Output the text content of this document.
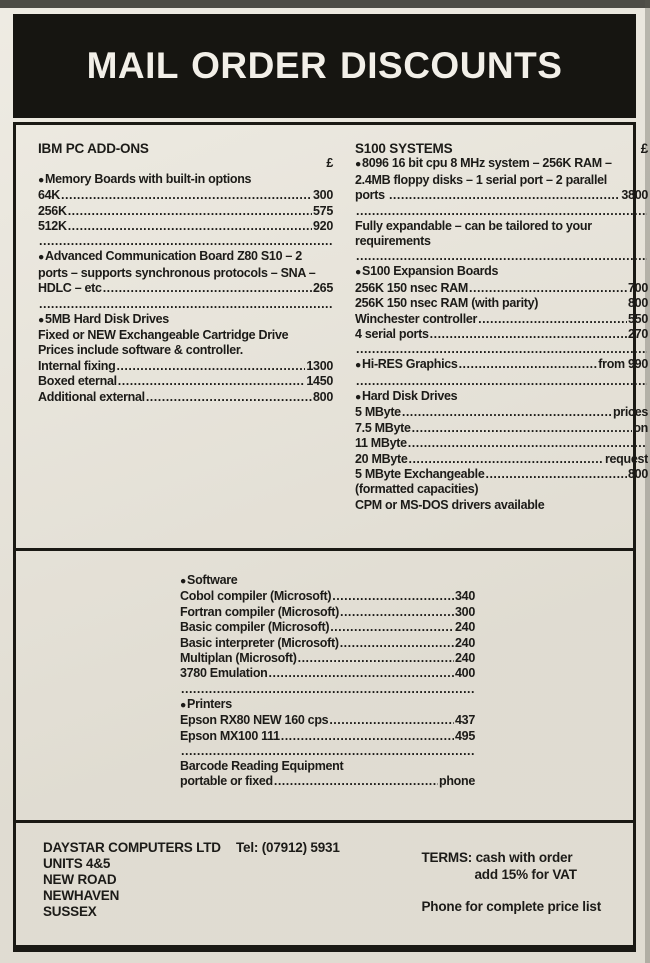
MAIL ORDER DISCOUNTS
IBM PC ADD-ONS
£
● Memory Boards with built-in options
64K .....	300
256K .....	575
512K .....	920
.....
● Advanced Communication Board Z80 S10 – 2
ports – supports synchronous protocols – SNA –
HDLC – etc .....	265
.....
● 5MB Hard Disk Drives
Fixed or NEW Exchangeable Cartridge Drive
Prices include software & controller.
Internal fixing .....	1300
Boxed eternal .....	1450
Additional external .....	800
S100 SYSTEMS	£
● 8096 16 bit cpu 8 MHz system – 256K RAM –
2.4MB floppy disks – 1 serial port – 2 parallel
ports .....	3800
.....
Fully expandable – can be tailored to your
requirements
.....
● S100 Expansion Boards
256K 150 nsec RAM .....	700
256K 150 nsec RAM (with parity)	800
Winchester controller .....	550
4 serial ports .....	270
.....
● Hi-RES Graphics .....	from 990
.....
● Hard Disk Drives
5 MByte .....	prices
7.5 MByte .....	on
11 MByte
.....
20 MByte .....	request
5 MByte Exchangeable .....	800
(formatted capacities)
CPM or MS-DOS drivers available
● Software
Cobol compiler (Microsoft) .....	340
Fortran compiler (Microsoft) .....	300
Basic compiler (Microsoft) .....	240
Basic interpreter (Microsoft) .....	240
Multiplan (Microsoft) .....	240
3780 Emulation .....	400
.....
● Printers
Epson RX80 NEW 160 cps .....	437
Epson MX100 111 .....	495
.....
Barcode Reading Equipment
portable or fixed .....	phone
DAYSTAR COMPUTERS LTD	Tel: (07912) 5931
UNITS 4&5
NEW ROAD
NEWHAVEN
SUSSEX
TERMS: cash with order
add 15% for VAT
Phone for complete price list
